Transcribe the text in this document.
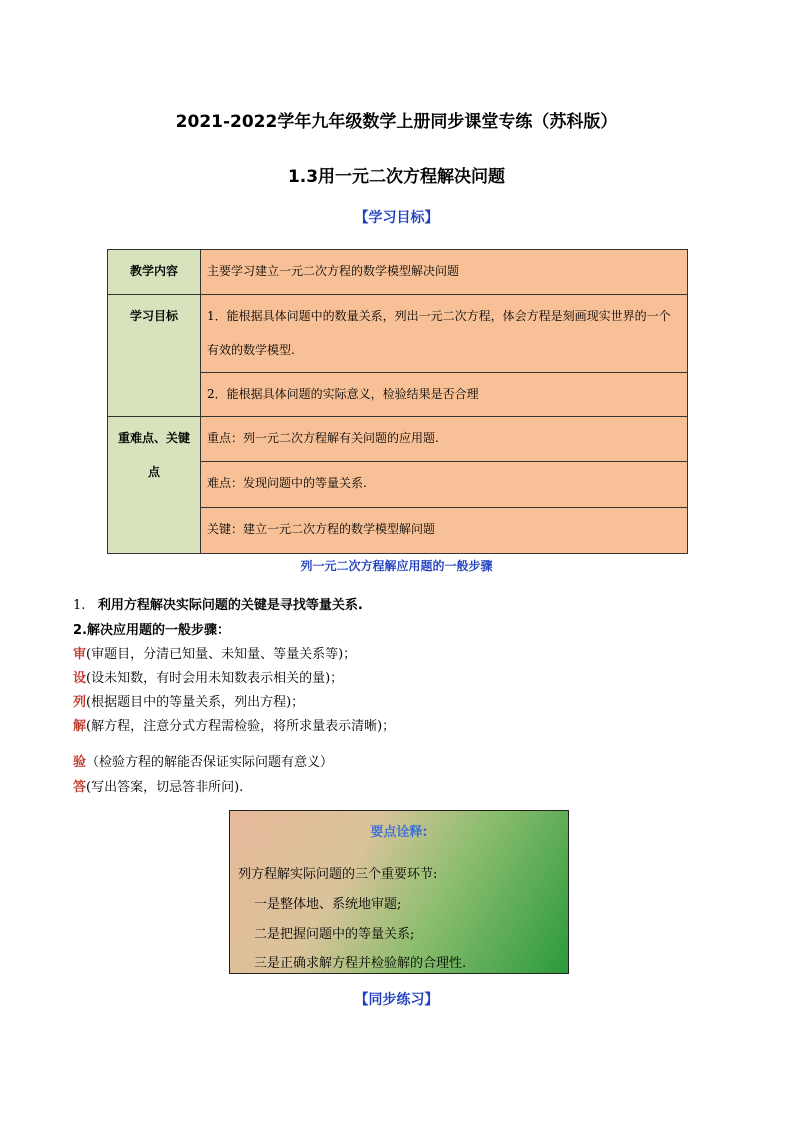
2021-2022学年九年级数学上册同步课堂专练（苏科版）
1.3用一元二次方程解决问题
【学习目标】
教学内容	主要学习建立一元二次方程的数学模型解决问题
学习目标	1．能根据具体问题中的数量关系，列出一元二次方程，体会方程是刻画现实世界的一个有效的数学模型.
	2．能根据具体问题的实际意义，检验结果是否合理
重难点、关键点	重点：列一元二次方程解有关问题的应用题.
	难点：发现问题中的等量关系.
	关键：建立一元二次方程的数学模型解问题
列一元二次方程解应用题的一般步骤
1. 利用方程解决实际问题的关键是寻找等量关系.
2.解决应用题的一般步骤：
审(审题目，分清已知量、未知量、等量关系等)；
设(设未知数，有时会用未知数表示相关的量)；
列(根据题目中的等量关系，列出方程)；
解(解方程，注意分式方程需检验，将所求量表示清晰)；
验（检验方程的解能否保证实际问题有意义）
答(写出答案，切忌答非所问).
要点诠释:
列方程解实际问题的三个重要环节:
一是整体地、系统地审题;
二是把握问题中的等量关系;
三是正确求解方程并检验解的合理性.
【同步练习】
